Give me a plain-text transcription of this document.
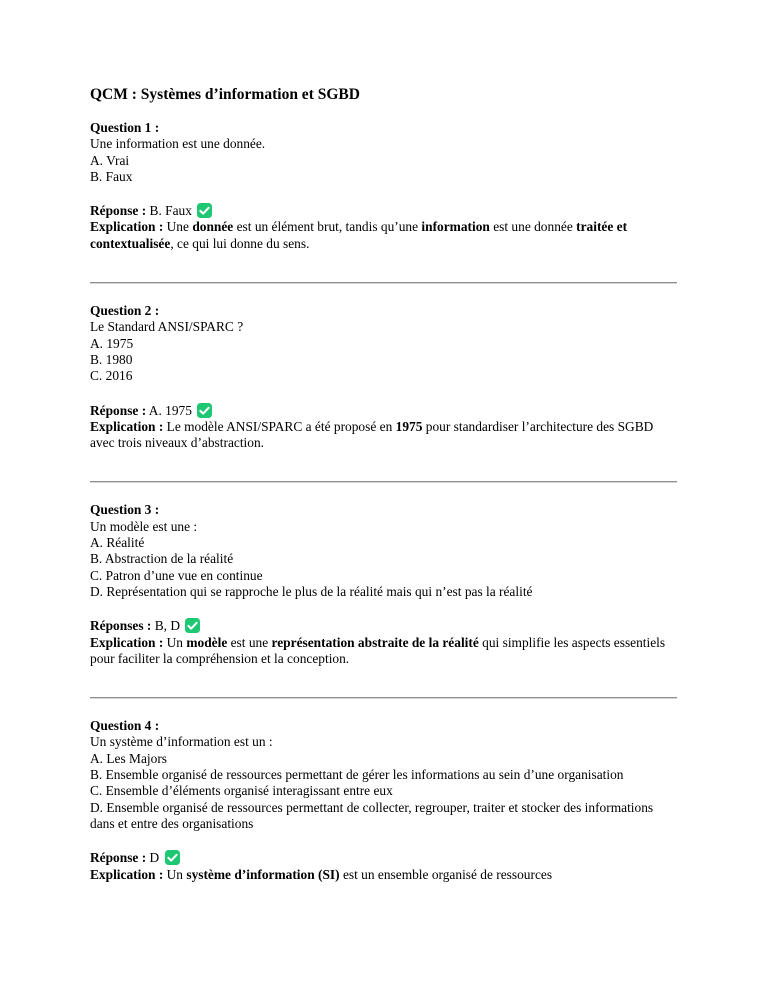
QCM : Systèmes d’information et SGBD
Question 1 :
Une information est une donnée.
A. Vrai
B. Faux

Réponse : B. Faux

Explication : Une donnée est un élément brut, tandis qu’une information est une donnée traitée et contextualisée, ce qui lui donne du sens.

Question 2 :
Le Standard ANSI/SPARC ?
A. 1975
B. 1980
C. 2016

Réponse : A. 1975

Explication : Le modèle ANSI/SPARC a été proposé en 1975 pour standardiser l’architecture des SGBD avec trois niveaux d’abstraction.

Question 3 :
Un modèle est une :
A. Réalité
B. Abstraction de la réalité
C. Patron d’une vue en continue
D. Représentation qui se rapproche le plus de la réalité mais qui n’est pas la réalité

Réponses : B, D

Explication : Un modèle est une représentation abstraite de la réalité qui simplifie les aspects essentiels pour faciliter la compréhension et la conception.

Question 4 :
Un système d’information est un :
A. Les Majors
B. Ensemble organisé de ressources permettant de gérer les informations au sein d’une organisation
C. Ensemble d’éléments organisé interagissant entre eux
D. Ensemble organisé de ressources permettant de collecter, regrouper, traiter et stocker des informations dans et entre des organisations

Réponse : D

Explication : Un système d’information (SI) est un ensemble organisé de ressources
